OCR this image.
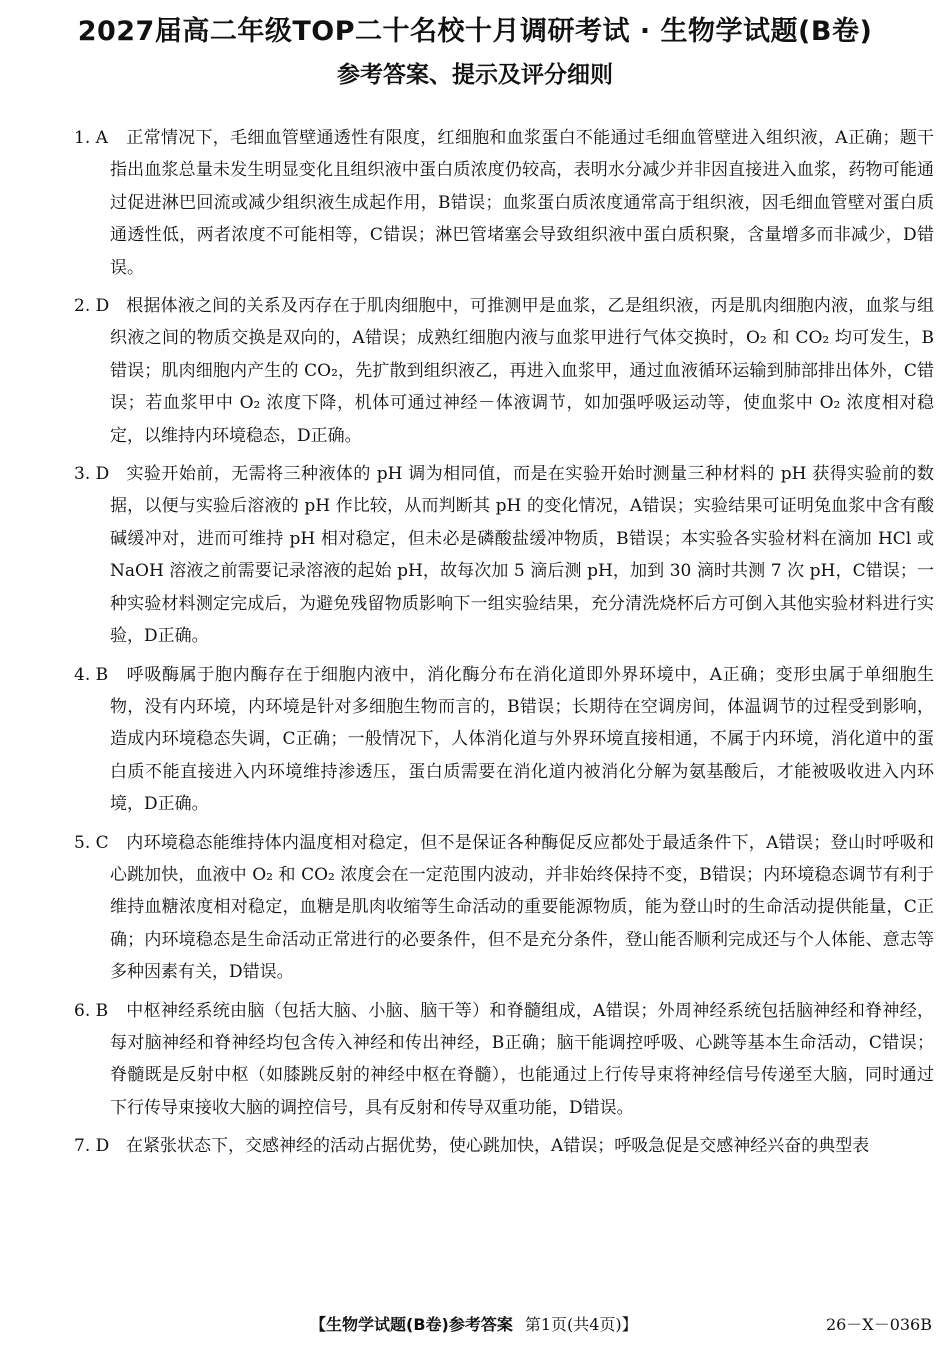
2027届高二年级TOP二十名校十月调研考试 · 生物学试题(B卷)
参考答案、提示及评分细则

1. A 正常情况下，毛细血管壁通透性有限度，红细胞和血浆蛋白不能通过毛细血管壁进入组织液，A正确；题干指出血浆总量未发生明显变化且组织液中蛋白质浓度仍较高，表明水分减少并非因直接进入血浆，药物可能通过促进淋巴回流或减少组织液生成起作用，B错误；血浆蛋白质浓度通常高于组织液，因毛细血管壁对蛋白质通透性低，两者浓度不可能相等，C错误；淋巴管堵塞会导致组织液中蛋白质积聚，含量增多而非减少，D错误。

2. D 根据体液之间的关系及丙存在于肌肉细胞中，可推测甲是血浆，乙是组织液，丙是肌肉细胞内液，血浆与组织液之间的物质交换是双向的，A错误；成熟红细胞内液与血浆甲进行气体交换时，O₂ 和 CO₂ 均可发生，B错误；肌肉细胞内产生的 CO₂，先扩散到组织液乙，再进入血浆甲，通过血液循环运输到肺部排出体外，C错误；若血浆甲中 O₂ 浓度下降，机体可通过神经－体液调节，如加强呼吸运动等，使血浆中 O₂ 浓度相对稳定，以维持内环境稳态，D正确。

3. D 实验开始前，无需将三种液体的 pH 调为相同值，而是在实验开始时测量三种材料的 pH 获得实验前的数据，以便与实验后溶液的 pH 作比较，从而判断其 pH 的变化情况，A错误；实验结果可证明兔血浆中含有酸碱缓冲对，进而可维持 pH 相对稳定，但未必是磷酸盐缓冲物质，B错误；本实验各实验材料在滴加 HCl 或 NaOH 溶液之前需要记录溶液的起始 pH，故每次加 5 滴后测 pH，加到 30 滴时共测 7 次 pH，C错误；一种实验材料测定完成后，为避免残留物质影响下一组实验结果，充分清洗烧杯后方可倒入其他实验材料进行实验，D正确。

4. B 呼吸酶属于胞内酶存在于细胞内液中，消化酶分布在消化道即外界环境中，A正确；变形虫属于单细胞生物，没有内环境，内环境是针对多细胞生物而言的，B错误；长期待在空调房间，体温调节的过程受到影响，造成内环境稳态失调，C正确；一般情况下，人体消化道与外界环境直接相通，不属于内环境，消化道中的蛋白质不能直接进入内环境维持渗透压，蛋白质需要在消化道内被消化分解为氨基酸后，才能被吸收进入内环境，D正确。

5. C 内环境稳态能维持体内温度相对稳定，但不是保证各种酶促反应都处于最适条件下，A错误；登山时呼吸和心跳加快，血液中 O₂ 和 CO₂ 浓度会在一定范围内波动，并非始终保持不变，B错误；内环境稳态调节有利于维持血糖浓度相对稳定，血糖是肌肉收缩等生命活动的重要能源物质，能为登山时的生命活动提供能量，C正确；内环境稳态是生命活动正常进行的必要条件，但不是充分条件，登山能否顺利完成还与个人体能、意志等多种因素有关，D错误。

6. B 中枢神经系统由脑（包括大脑、小脑、脑干等）和脊髓组成，A错误；外周神经系统包括脑神经和脊神经，每对脑神经和脊神经均包含传入神经和传出神经，B正确；脑干能调控呼吸、心跳等基本生命活动，C错误；脊髓既是反射中枢（如膝跳反射的神经中枢在脊髓），也能通过上行传导束将神经信号传递至大脑，同时通过下行传导束接收大脑的调控信号，具有反射和传导双重功能，D错误。

7. D 在紧张状态下，交感神经的活动占据优势，使心跳加快，A错误；呼吸急促是交感神经兴奋的典型表

【生物学试题(B卷)参考答案 第1页(共4页)】	26－X－036B
